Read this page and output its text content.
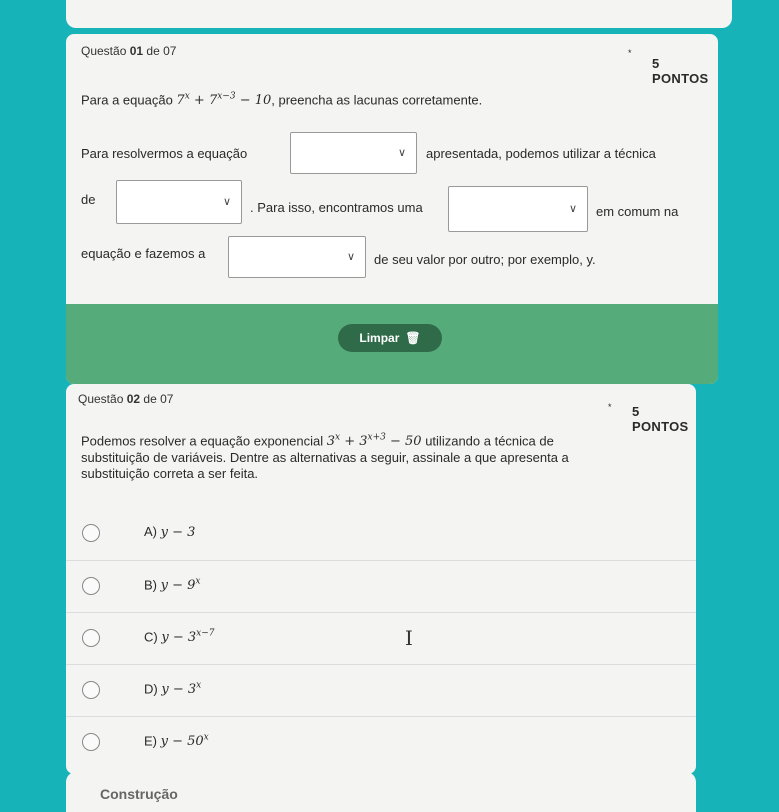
Questão 01 de 07	*
5 PONTOS
Para a equação $7^x + 7^{x-3} - 10$, preencha as lacunas corretamente.
Para resolvermos a equação	∨ apresentada, podemos utilizar a técnica
de	∨ . Para isso, encontramos uma	∨ em comum na
equação e fazemos a	∨ de seu valor por outro; por exemplo, y.
Limpar 🗑
Questão 02 de 07
* 5 PONTOS
Podemos resolver a equação exponencial $3^x + 3^{x+3} - 50$ utilizando a técnica de
substituição de variáveis. Dentre as alternativas a seguir, assinale a que apresenta a
substituição correta a ser feita.
A) y − 3
B) $y - 9^x$
C) $y - 3^{x-7}$
D) $y - 3^x$
E) $y - 50^x$
I
Construção
